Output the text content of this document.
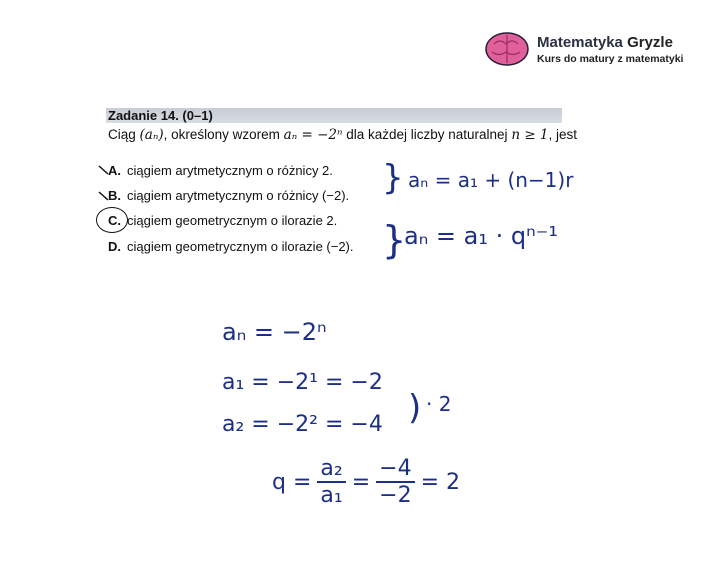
Matematyka Gryzle
Kurs do matury z matematyki
Zadanie 14. (0–1)
Ciąg (aₙ), określony wzorem aₙ = −2ⁿ dla każdej liczby naturalnej n ≥ 1, jest
A. ciągiem arytmetycznym o różnicy 2.
B. ciągiem arytmetycznym o różnicy (−2).
C. ciągiem geometrycznym o ilorazie 2.
D. ciągiem geometrycznym o ilorazie (−2).
}
}
aₙ = a₁ + (n−1)r
aₙ = a₁ · qⁿ⁻¹
aₙ = −2ⁿ
a₁ = −2¹ = −2
a₂ = −2² = −4 ) · 2
$q = \frac{\text{a₂}}{\text{a₁}} = \frac{-4}{-2} = 2$
